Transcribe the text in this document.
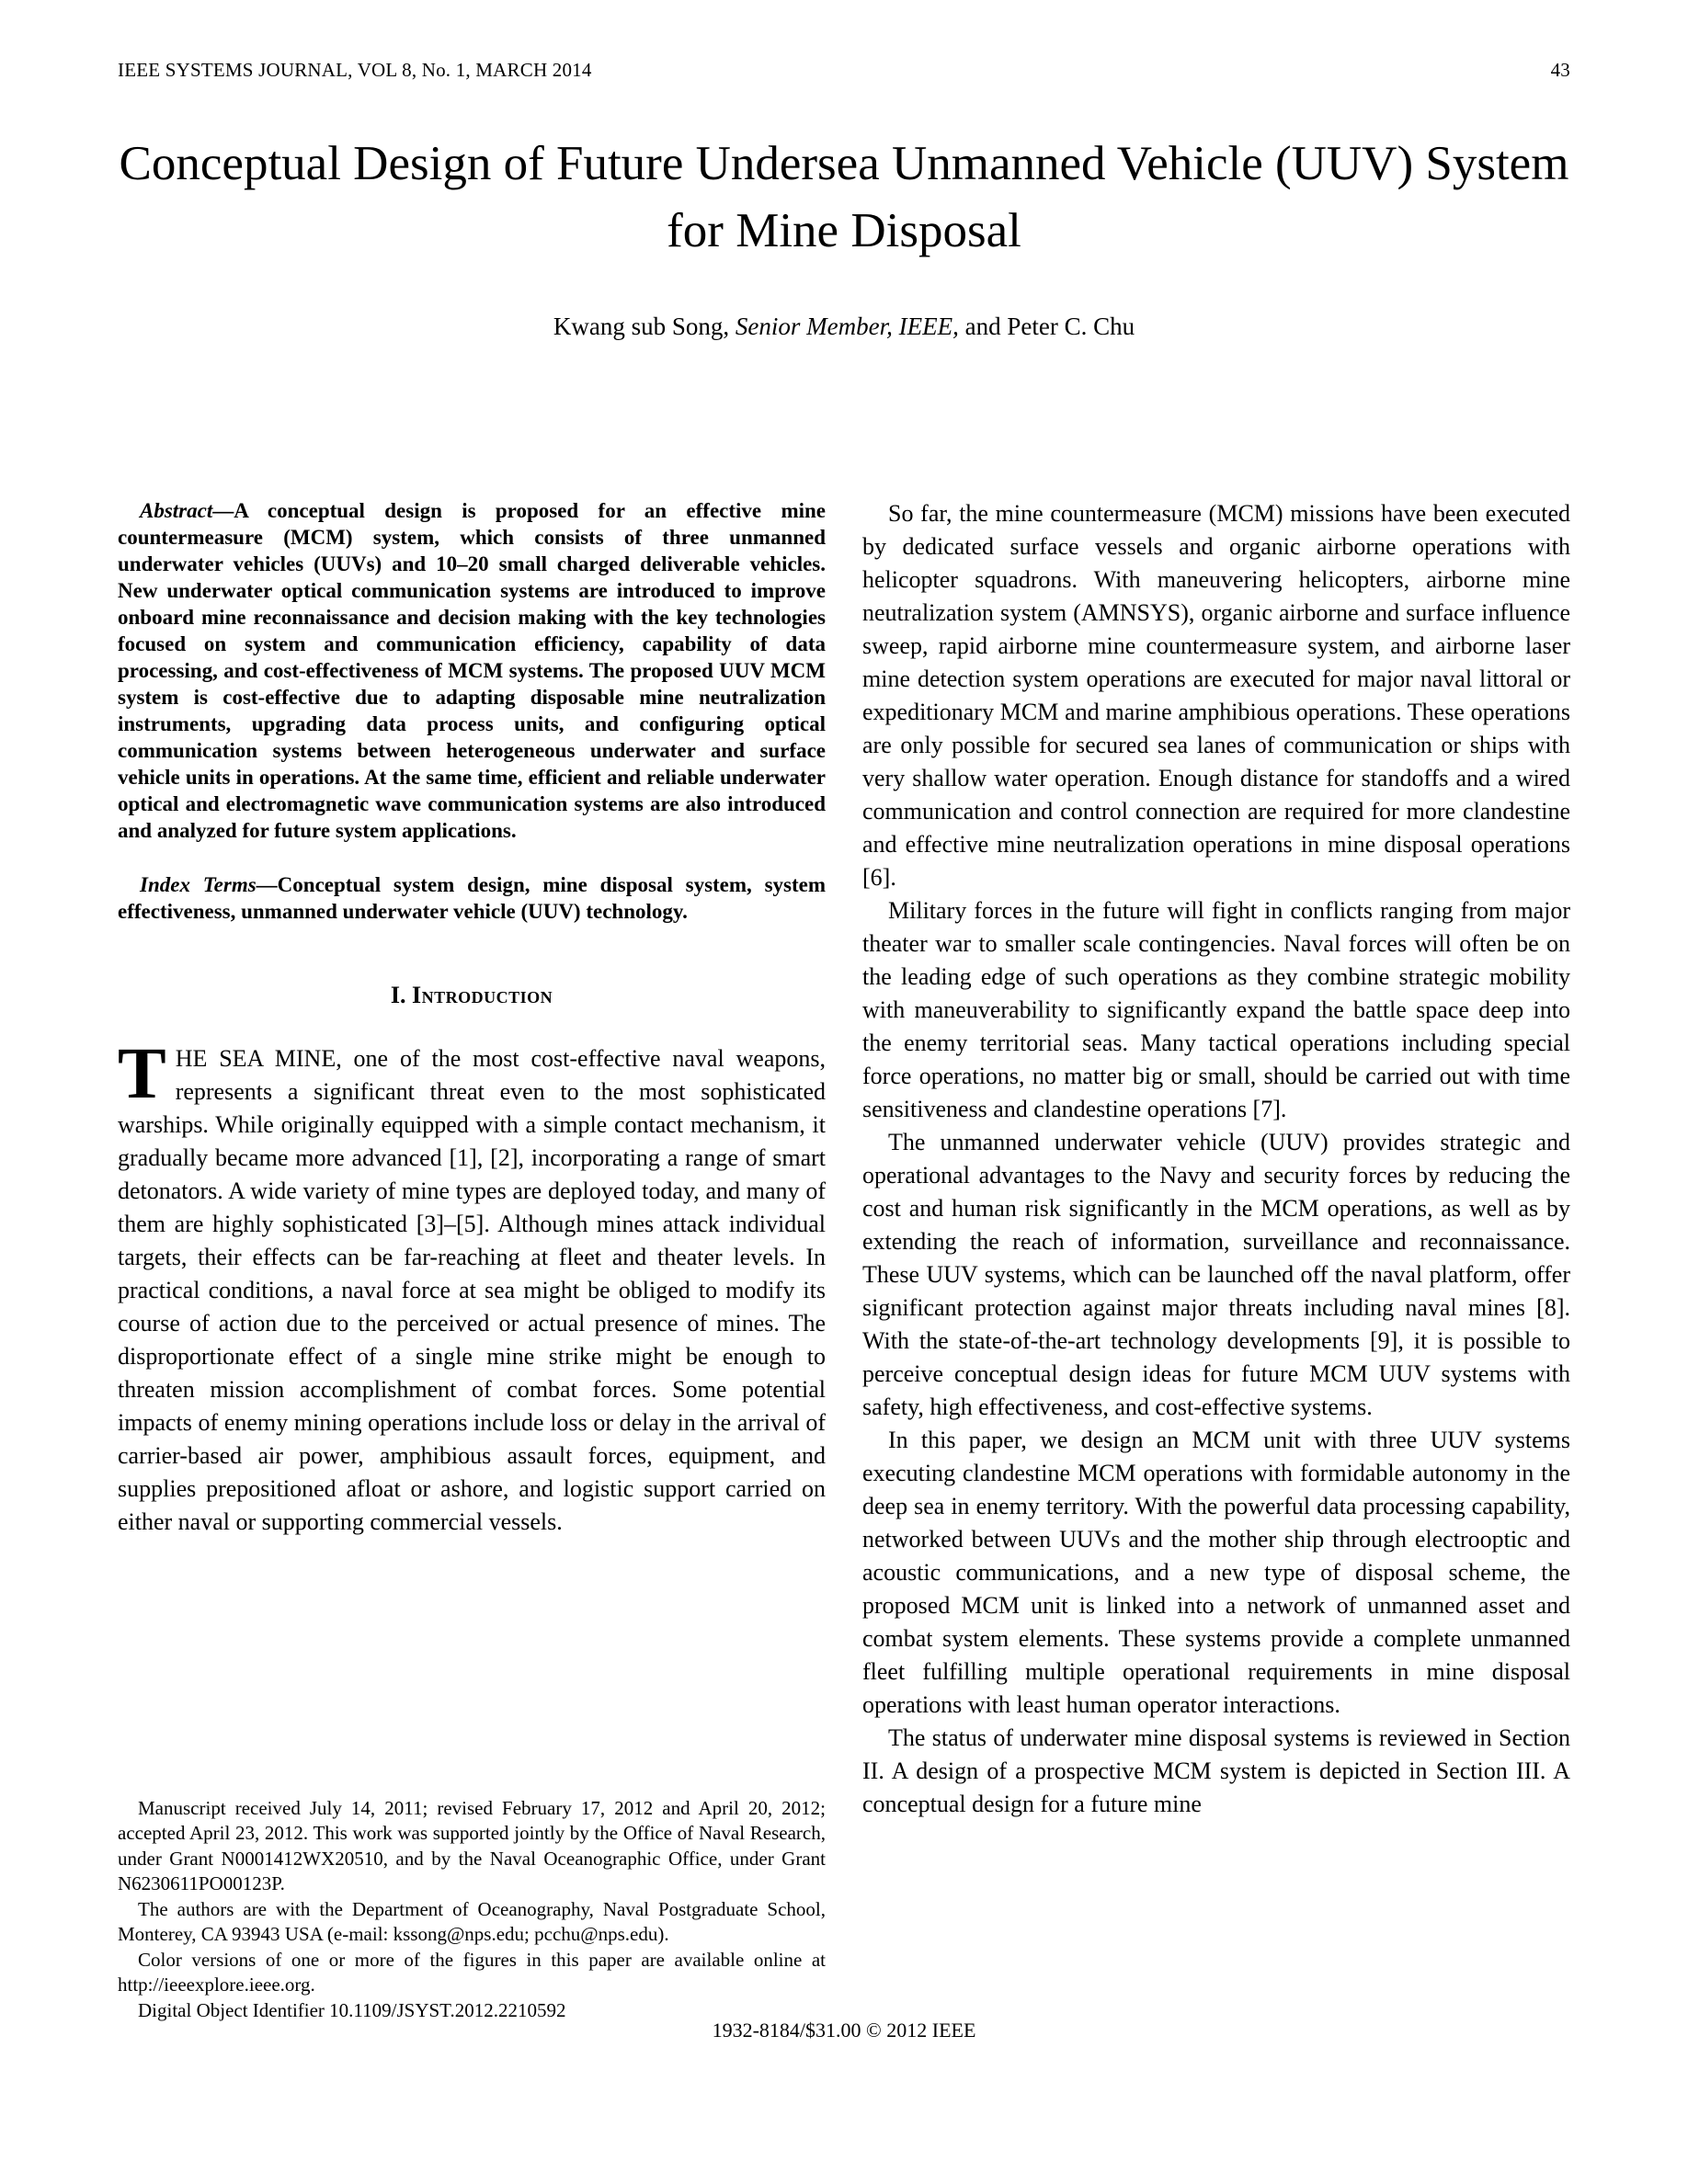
IEEE SYSTEMS JOURNAL, VOL 8, No. 1, MARCH 2014	43
Conceptual Design of Future Undersea Unmanned Vehicle (UUV) System for Mine Disposal
Kwang sub Song, Senior Member, IEEE, and Peter C. Chu

Abstract—A conceptual design is proposed for an effective mine countermeasure (MCM) system, which consists of three unmanned underwater vehicles (UUVs) and 10–20 small charged deliverable vehicles. New underwater optical communication systems are introduced to improve onboard mine reconnaissance and decision making with the key technologies focused on system and communication efficiency, capability of data processing, and cost-effectiveness of MCM systems. The proposed UUV MCM system is cost-effective due to adapting disposable mine neutralization instruments, upgrading data process units, and configuring optical communication systems between heterogeneous underwater and surface vehicle units in operations. At the same time, efficient and reliable underwater optical and electromagnetic wave communication systems are also introduced and analyzed for future system applications.

Index Terms—Conceptual system design, mine disposal system, system effectiveness, unmanned underwater vehicle (UUV) technology.

I. Introduction

THE SEA MINE, one of the most cost-effective naval weapons, represents a significant threat even to the most sophisticated warships. While originally equipped with a simple contact mechanism, it gradually became more advanced [1], [2], incorporating a range of smart detonators. A wide variety of mine types are deployed today, and many of them are highly sophisticated [3]–[5]. Although mines attack individual targets, their effects can be far-reaching at fleet and theater levels. In practical conditions, a naval force at sea might be obliged to modify its course of action due to the perceived or actual presence of mines. The disproportionate effect of a single mine strike might be enough to threaten mission accomplishment of combat forces. Some potential impacts of enemy mining operations include loss or delay in the arrival of carrier-based air power, amphibious assault forces, equipment, and supplies prepositioned afloat or ashore, and logistic support carried on either naval or supporting commercial vessels.

Manuscript received July 14, 2011; revised February 17, 2012 and April 20, 2012; accepted April 23, 2012. This work was supported jointly by the Office of Naval Research, under Grant N0001412WX20510, and by the Naval Oceanographic Office, under Grant N6230611PO00123P.

The authors are with the Department of Oceanography, Naval Postgraduate School, Monterey, CA 93943 USA (e-mail: kssong@nps.edu; pcchu@nps.edu).

Color versions of one or more of the figures in this paper are available online at http://ieeexplore.ieee.org.

Digital Object Identifier 10.1109/JSYST.2012.2210592

So far, the mine countermeasure (MCM) missions have been executed by dedicated surface vessels and organic airborne operations with helicopter squadrons. With maneuvering helicopters, airborne mine neutralization system (AMNSYS), organic airborne and surface influence sweep, rapid airborne mine countermeasure system, and airborne laser mine detection system operations are executed for major naval littoral or expeditionary MCM and marine amphibious operations. These operations are only possible for secured sea lanes of communication or ships with very shallow water operation. Enough distance for standoffs and a wired communication and control connection are required for more clandestine and effective mine neutralization operations in mine disposal operations [6].

Military forces in the future will fight in conflicts ranging from major theater war to smaller scale contingencies. Naval forces will often be on the leading edge of such operations as they combine strategic mobility with maneuverability to significantly expand the battle space deep into the enemy territorial seas. Many tactical operations including special force operations, no matter big or small, should be carried out with time sensitiveness and clandestine operations [7].

The unmanned underwater vehicle (UUV) provides strategic and operational advantages to the Navy and security forces by reducing the cost and human risk significantly in the MCM operations, as well as by extending the reach of information, surveillance and reconnaissance. These UUV systems, which can be launched off the naval platform, offer significant protection against major threats including naval mines [8]. With the state-of-the-art technology developments [9], it is possible to perceive conceptual design ideas for future MCM UUV systems with safety, high effectiveness, and cost-effective systems.

In this paper, we design an MCM unit with three UUV systems executing clandestine MCM operations with formidable autonomy in the deep sea in enemy territory. With the powerful data processing capability, networked between UUVs and the mother ship through electrooptic and acoustic communications, and a new type of disposal scheme, the proposed MCM unit is linked into a network of unmanned asset and combat system elements. These systems provide a complete unmanned fleet fulfilling multiple operational requirements in mine disposal operations with least human operator interactions.

The status of underwater mine disposal systems is reviewed in Section II. A design of a prospective MCM system is depicted in Section III. A conceptual design for a future mine

1932-8184/$31.00 © 2012 IEEE
